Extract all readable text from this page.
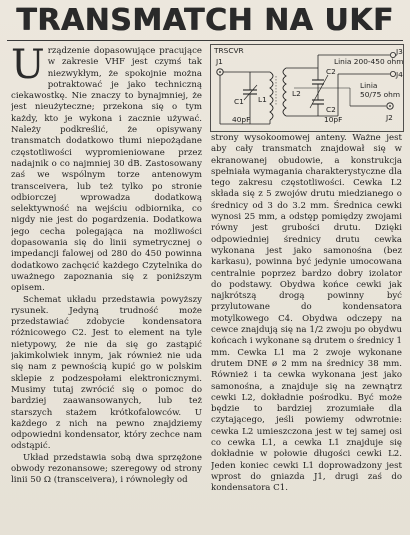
TRANSMATCH NA UKF

Urządzenie dopasowujące pracujące w zakresie VHF jest czymś tak niezwykłym, że spokojnie można potraktować je jako techniczną ciekawostkę. Nie znaczy to bynajmniej, że jest nieużyteczne; przekona się o tym każdy, kto je wykona i zacznie używać. Należy podkreślić, że opisywany transmatch dodatkowo tłumi niepożądane częstotliwości wypromieniowane przez nadajnik o co najmniej 30 dB. Zastosowany zaś we wspólnym torze antenowym transceivera, lub też tylko po stronie odbiorczej wprowadza dodatkową selektywność na wejściu odbiornika, co nigdy nie jest do pogardzenia. Dodatkowa jego cecha polegająca na możliwości dopasowania się do linii symetrycznej o impedancji falowej od 280 do 450 powinna dodatkowo zachęcić każdego Czytelnika do uważnego zapoznania się z poniższym opisem.

Schemat układu przedstawia powyższy rysunek. Jedyną trudność może przedstawiać zdobycie kondensatora różnicowego C2. Jest to element na tyle nietypowy, że nie da się go zastąpić jakimkolwiek innym, jak również nie uda się nam z pewnością kupić go w polskim sklepie z podzespołami elektronicznymi. Musimy tutaj zwrócić się o pomoc do bardziej zaawansowanych, lub też starszych stażem krótkofalowców. U każdego z nich na pewno znajdziemy odpowiedni kondensator, który zechce nam odstąpić.

Układ przedstawia sobą dwa sprzężone obwody rezonansowe; szeregowy od strony linii 50 Ω (transceivera), i równoległy od

TRSCVR
J1
C1
40pF
L1
L2
C2
C2
10pF
J3
Linia 200-450 ohm
J4
Linia
50/75 ohm
J2

strony wysokoomowej anteny. Ważne jest aby cały transmatch znajdował się w ekranowanej obudowie, a konstrukcja spełniała wymagania charakterystyczne dla tego zakresu częstotliwości. Cewka L2 składa się z 5 zwojów drutu miedzianego o średnicy od 3 do 3.2 mm. Średnica cewki wynosi 25 mm, a odstęp pomiędzy zwojami równy jest grubości drutu. Dzięki odpowiedniej średnicy drutu cewka wykonana jest jako samonośna (bez karkasu), powinna być jedynie umocowana centralnie poprzez bardzo dobry izolator do podstawy. Obydwa końce cewki jak najkrótszą drogą powinny być przylutowane do kondensatora motylkowego C4. Obydwa odczepy na cewce znajdują się na 1/2 zwoju po obydwu końcach i wykonane są drutem o średnicy 1 mm. Cewka L1 ma 2 zwoje wykonane drutem DNE ø 2 mm na średnicy 38 mm. Również i ta cewka wykonana jest jako samonośna, a znajduje się na zewnątrz cewki L2, dokładnie pośrodku. Być może będzie to bardziej zrozumiałe dla czytającego, jeśli powiemy odwrotnie: cewka L2 umieszczona jest w tej samej osi co cewka L1, a cewka L1 znajduje się dokładnie w połowie długości cewki L2. Jeden koniec cewki L1 doprowadzony jest wprost do gniazda J1, drugi zaś do kondensatora C1.
